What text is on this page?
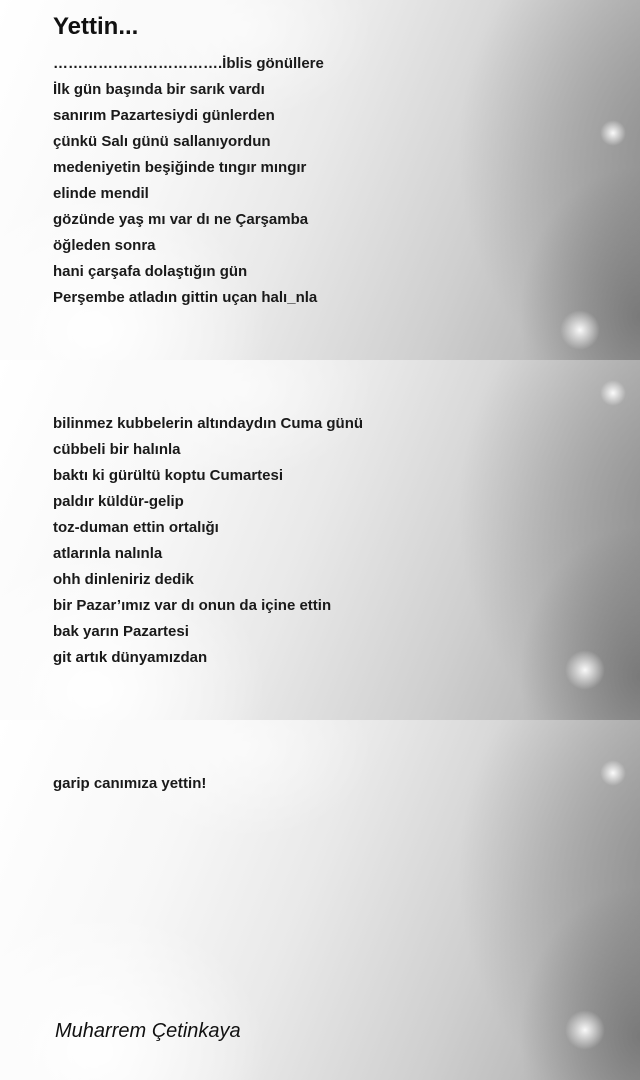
Yettin...
…………………………….İblis gönüllere
İlk gün başında bir sarık vardı
sanırım Pazartesiydi günlerden
çünkü Salı günü sallanıyordun
medeniyetin beşiğinde tıngır mıngır
elinde mendil
gözünde yaş mı var dı ne Çarşamba
öğleden sonra
hani çarşafa dolaştığın gün
Perşembe atladın gittin uçan halı_nla
bilinmez kubbelerin altındaydın Cuma günü
cübbeli bir halınla
baktı ki gürültü koptu Cumartesi
paldır küldür-gelip
toz-duman ettin ortalığı
atlarınla nalınla
ohh dinleniriz dedik
bir Pazar’ımız var dı onun da içine ettin
bak yarın Pazartesi
git artık dünyamızdan
garip canımıza yettin!

Muharrem Çetinkaya
